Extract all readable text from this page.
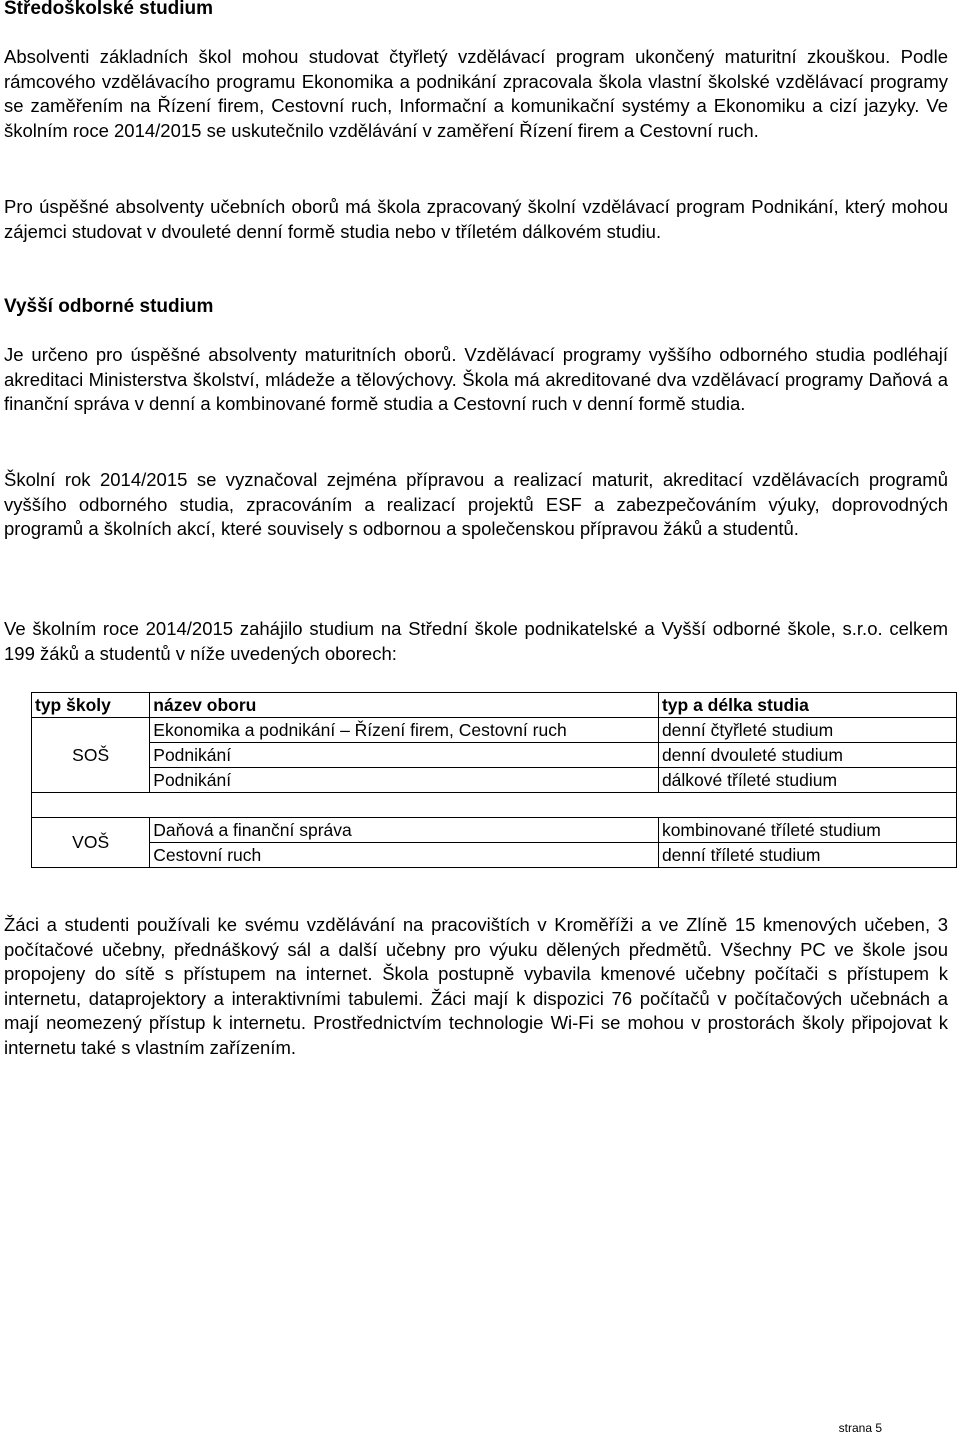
Středoškolské studium

Absolventi základních škol mohou studovat čtyřletý vzdělávací program ukončený maturitní zkouškou. Podle rámcového vzdělávacího programu Ekonomika a podnikání zpracovala škola vlastní školské vzdělávací programy se zaměřením na Řízení firem, Cestovní ruch, Informační a komunikační systémy a Ekonomiku a cizí jazyky. Ve školním roce 2014/2015 se uskutečnilo vzdělávání v zaměření Řízení firem a Cestovní ruch.

Pro úspěšné absolventy učebních oborů má škola zpracovaný školní vzdělávací program Podnikání, který mohou zájemci studovat v dvouleté denní formě studia nebo v tříletém dálkovém studiu.

Vyšší odborné studium

Je určeno pro úspěšné absolventy maturitních oborů. Vzdělávací programy vyššího odborného studia podléhají akreditaci Ministerstva školství, mládeže a tělovýchovy. Škola má akreditované dva vzdělávací programy Daňová a finanční správa v denní a kombinované formě studia a Cestovní ruch v denní formě studia.

Školní rok 2014/2015 se vyznačoval zejména přípravou a realizací maturit, akreditací vzdělávacích programů vyššího odborného studia, zpracováním a realizací projektů ESF a zabezpečováním výuky, doprovodných programů a školních akcí, které souvisely s odbornou a společenskou přípravou žáků a studentů.

Ve školním roce 2014/2015 zahájilo studium na Střední škole podnikatelské a Vyšší odborné škole, s.r.o. celkem 199 žáků a studentů v níže uvedených oborech:

typ školy	název oboru	typ a délka studia
SOŠ	Ekonomika a podnikání – Řízení firem, Cestovní ruch	denní čtyřleté studium
	Podnikání	denní dvouleté studium
	Podnikání	dálkové tříleté studium

VOŠ	Daňová a finanční správa	kombinované tříleté studium
	Cestovní ruch	denní tříleté studium

Žáci a studenti používali ke svému vzdělávání na pracovištích v Kroměříži a ve Zlíně 15 kmenových učeben, 3 počítačové učebny, přednáškový sál a další učebny pro výuku dělených předmětů. Všechny PC ve škole jsou propojeny do sítě s přístupem na internet. Škola postupně vybavila kmenové učebny počítači s přístupem k internetu, dataprojektory a interaktivními tabulemi. Žáci mají k dispozici 76 počítačů v počítačových učebnách a mají neomezený přístup k internetu. Prostřednictvím technologie Wi-Fi se mohou v prostorách školy připojovat k internetu také s vlastním zařízením.

strana 5
